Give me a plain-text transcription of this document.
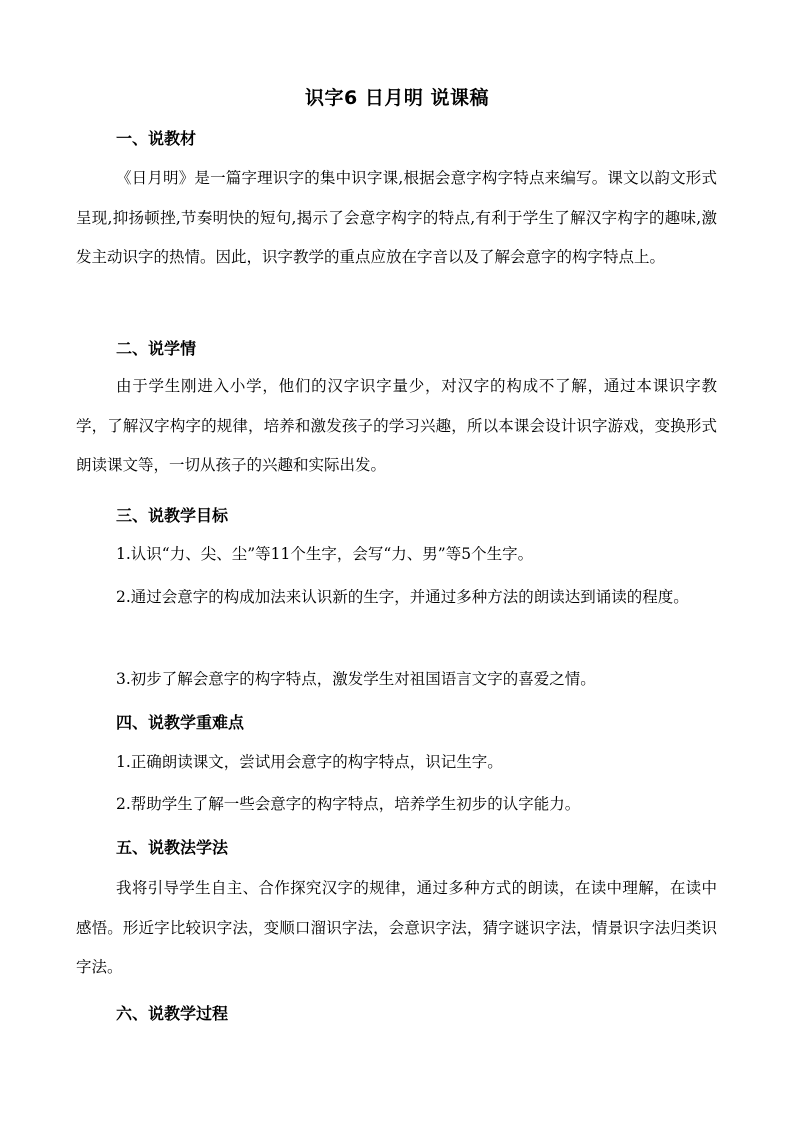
识字6 日月明 说课稿
一、说教材
《日月明》是一篇字理识字的集中识字课,根据会意字构字特点来编写。课文以韵文形式呈现,抑扬顿挫,节奏明快的短句,揭示了会意字构字的特点,有利于学生了解汉字构字的趣味,激发主动识字的热情。因此，识字教学的重点应放在字音以及了解会意字的构字特点上。
二、说学情
由于学生刚进入小学，他们的汉字识字量少，对汉字的构成不了解，通过本课识字教学，了解汉字构字的规律，培养和激发孩子的学习兴趣，所以本课会设计识字游戏，变换形式朗读课文等，一切从孩子的兴趣和实际出发。
三、说教学目标
1.认识“力、尖、尘”等11个生字，会写“力、男”等5个生字。
2.通过会意字的构成加法来认识新的生字，并通过多种方法的朗读达到诵读的程度。
3.初步了解会意字的构字特点，激发学生对祖国语言文字的喜爱之情。
四、说教学重难点
1.正确朗读课文，尝试用会意字的构字特点，识记生字。
2.帮助学生了解一些会意字的构字特点，培养学生初步的认字能力。
五、说教法学法
我将引导学生自主、合作探究汉字的规律，通过多种方式的朗读，在读中理解，在读中感悟。形近字比较识字法，变顺口溜识字法，会意识字法，猜字谜识字法，情景识字法归类识字法。
六、说教学过程
